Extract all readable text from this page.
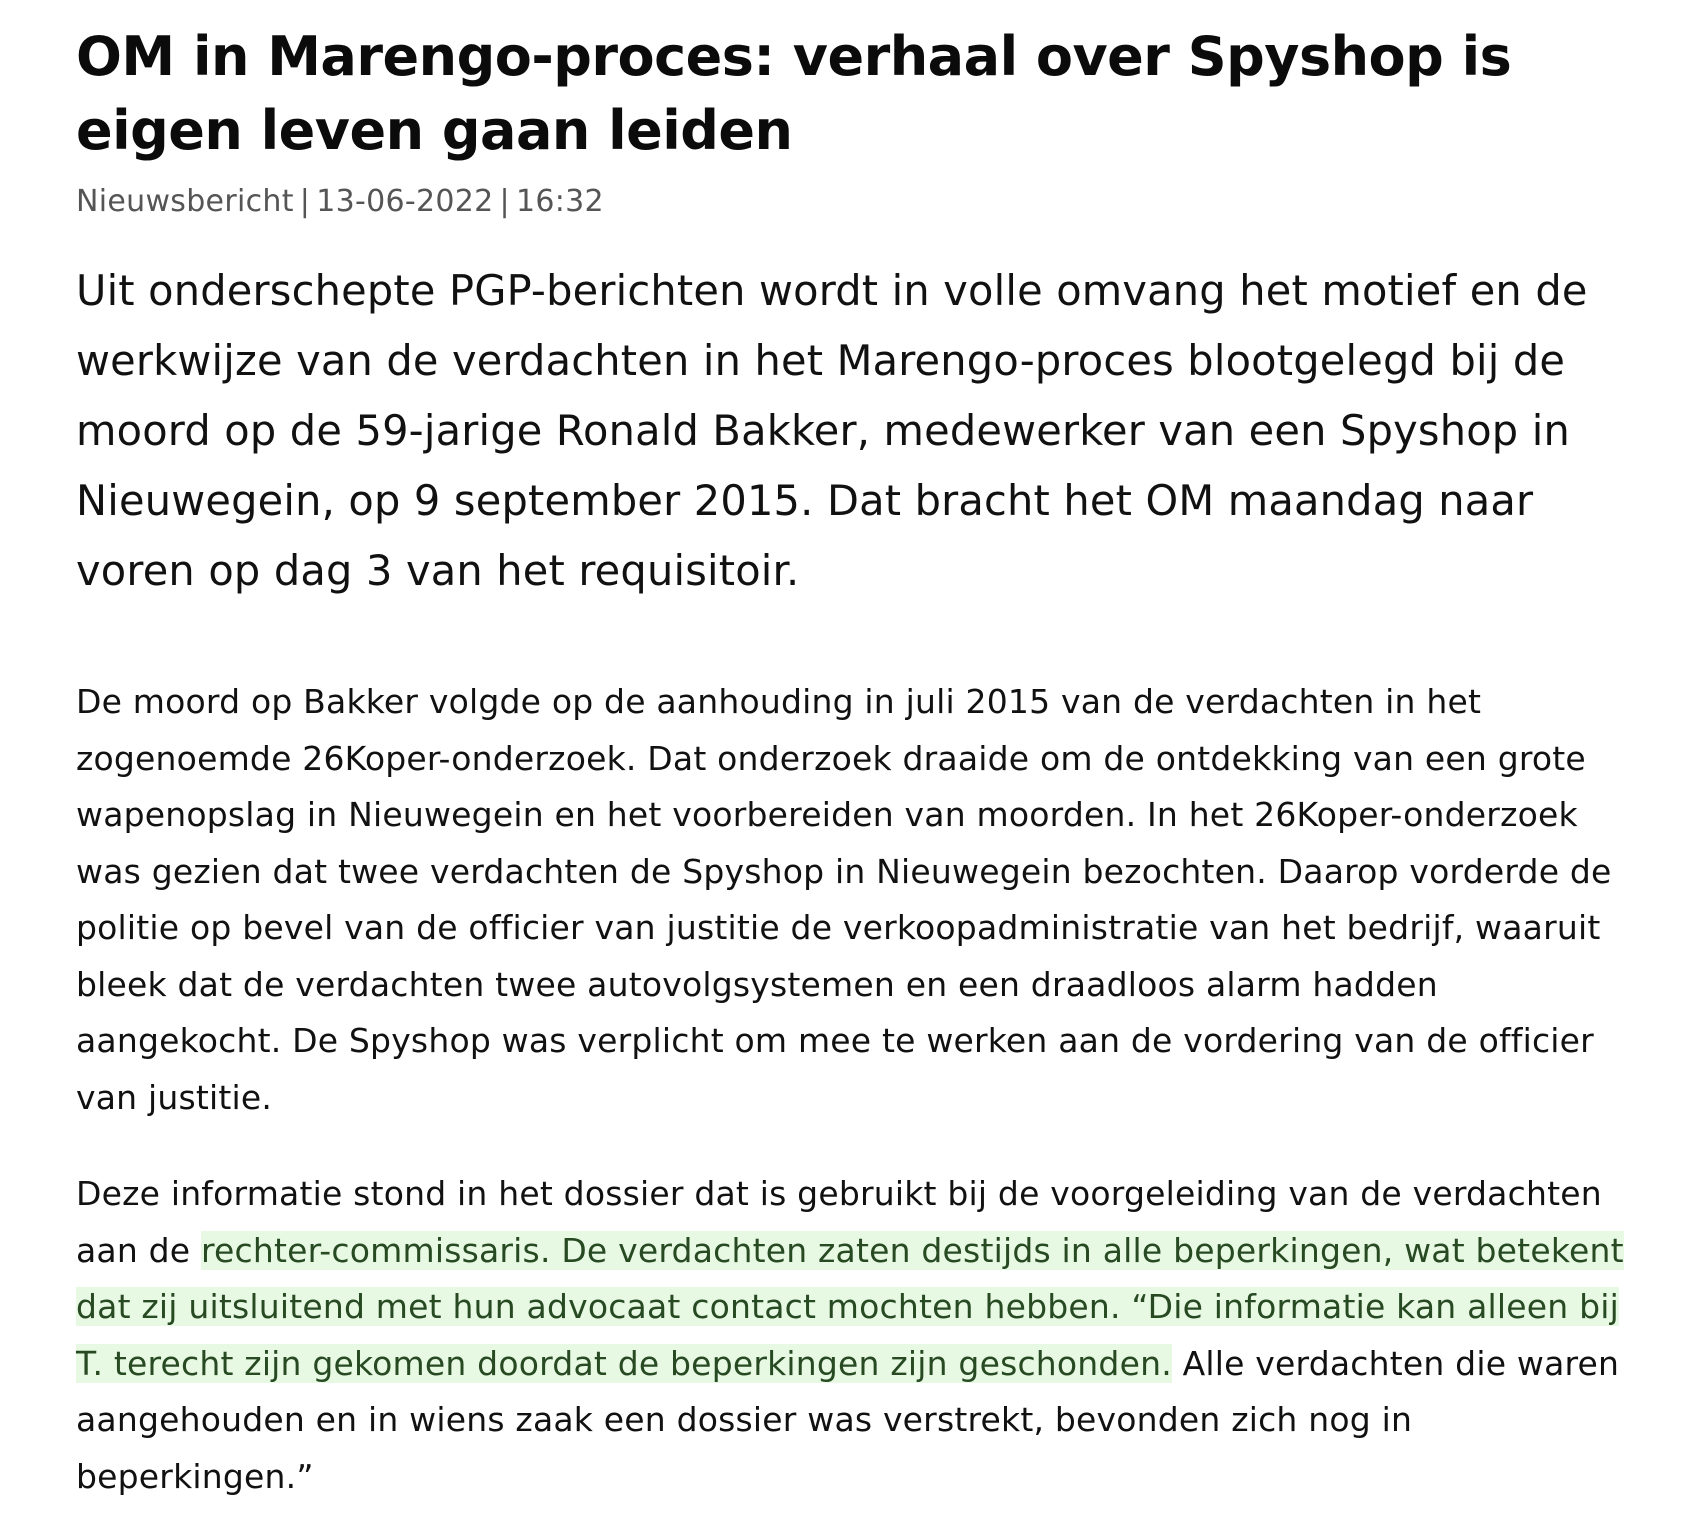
OM in Marengo-proces: verhaal over Spyshop is eigen leven gaan leiden
Nieuwsbericht | 13-06-2022 | 16:32

Uit onderschepte PGP-berichten wordt in volle omvang het motief en de werkwijze van de verdachten in het Marengo-proces blootgelegd bij de moord op de 59-jarige Ronald Bakker, medewerker van een Spyshop in Nieuwegein, op 9 september 2015. Dat bracht het OM maandag naar voren op dag 3 van het requisitoir.

De moord op Bakker volgde op de aanhouding in juli 2015 van de verdachten in het zogenoemde 26Koper-onderzoek. Dat onderzoek draaide om de ontdekking van een grote wapenopslag in Nieuwegein en het voorbereiden van moorden. In het 26Koper-onderzoek was gezien dat twee verdachten de Spyshop in Nieuwegein bezochten. Daarop vorderde de politie op bevel van de officier van justitie de verkoopadministratie van het bedrijf, waaruit bleek dat de verdachten twee autovolgsystemen en een draadloos alarm hadden aangekocht. De Spyshop was verplicht om mee te werken aan de vordering van de officier van justitie.

Deze informatie stond in het dossier dat is gebruikt bij de voorgeleiding van de verdachten aan de rechter-commissaris. De verdachten zaten destijds in alle beperkingen, wat betekent dat zij uitsluitend met hun advocaat contact mochten hebben. “Die informatie kan alleen bij T. terecht zijn gekomen doordat de beperkingen zijn geschonden. Alle verdachten die waren aangehouden en in wiens zaak een dossier was verstrekt, bevonden zich nog in beperkingen.”
